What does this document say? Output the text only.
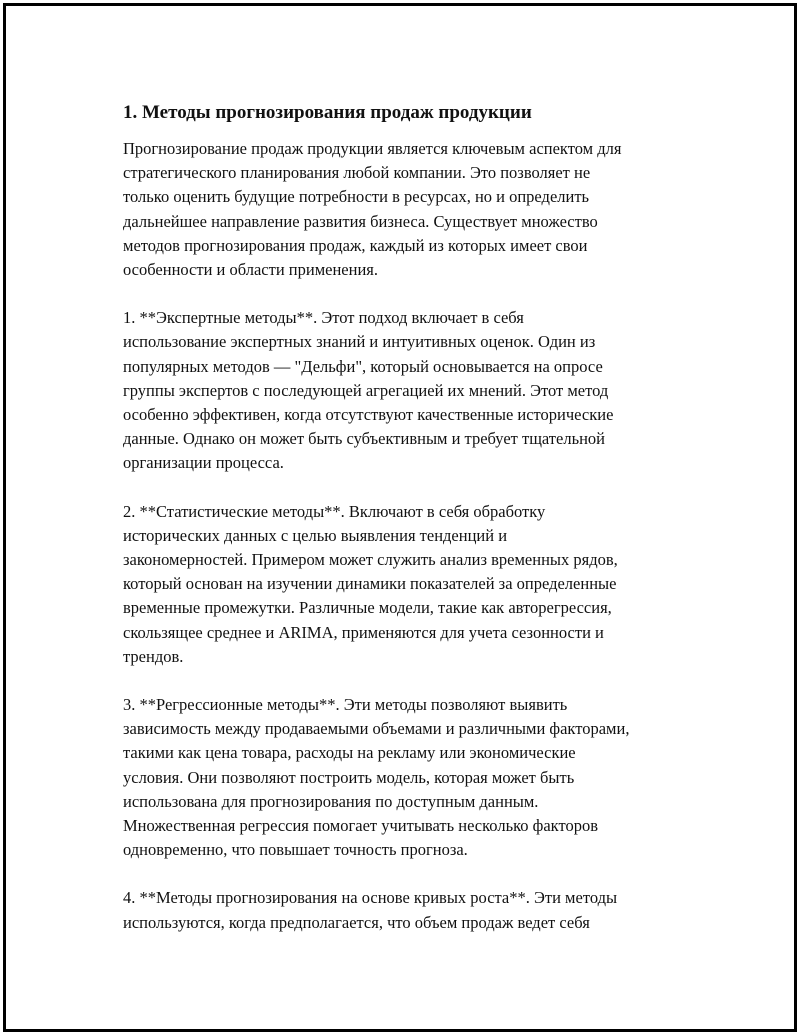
1. Методы прогнозирования продаж продукции
Прогнозирование продаж продукции является ключевым аспектом для
стратегического планирования любой компании. Это позволяет не
только оценить будущие потребности в ресурсах, но и определить
дальнейшее направление развития бизнеса. Существует множество
методов прогнозирования продаж, каждый из которых имеет свои
особенности и области применения.
1. **Экспертные методы**. Этот подход включает в себя
использование экспертных знаний и интуитивных оценок. Один из
популярных методов — "Дельфи", который основывается на опросе
группы экспертов с последующей агрегацией их мнений. Этот метод
особенно эффективен, когда отсутствуют качественные исторические
данные. Однако он может быть субъективным и требует тщательной
организации процесса.
2. **Статистические методы**. Включают в себя обработку
исторических данных с целью выявления тенденций и
закономерностей. Примером может служить анализ временных рядов,
который основан на изучении динамики показателей за определенные
временные промежутки. Различные модели, такие как авторегрессия,
скользящее среднее и ARIMA, применяются для учета сезонности и
трендов.
3. **Регрессионные методы**. Эти методы позволяют выявить
зависимость между продаваемыми объемами и различными факторами,
такими как цена товара, расходы на рекламу или экономические
условия. Они позволяют построить модель, которая может быть
использована для прогнозирования по доступным данным.
Множественная регрессия помогает учитывать несколько факторов
одновременно, что повышает точность прогноза.
4. **Методы прогнозирования на основе кривых роста**. Эти методы
используются, когда предполагается, что объем продаж ведет себя
